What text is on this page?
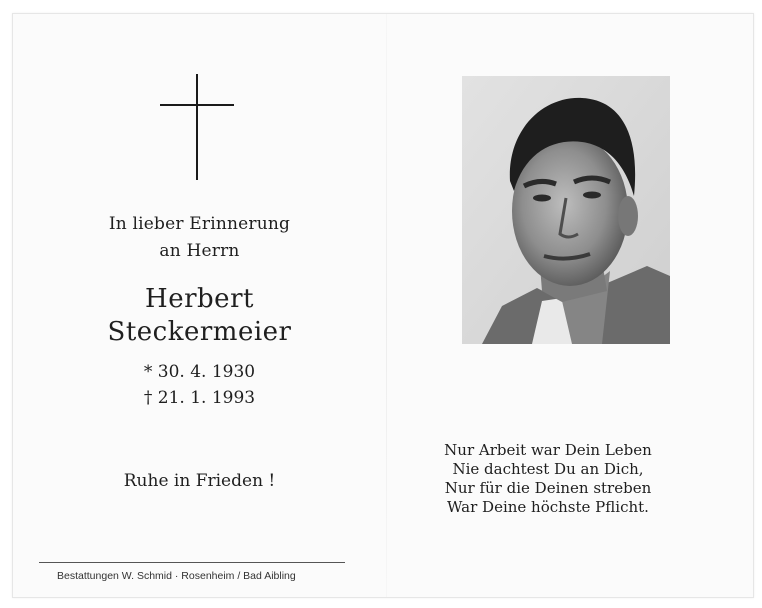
In lieber Erinnerung
an Herrn
Herbert
Steckermeier
* 30. 4. 1930
† 21. 1. 1993
Ruhe in Frieden !
Bestattungen W. Schmid · Rosenheim / Bad Aibling
Nur Arbeit war Dein Leben
Nie dachtest Du an Dich,
Nur für die Deinen streben
War Deine höchste Pflicht.
